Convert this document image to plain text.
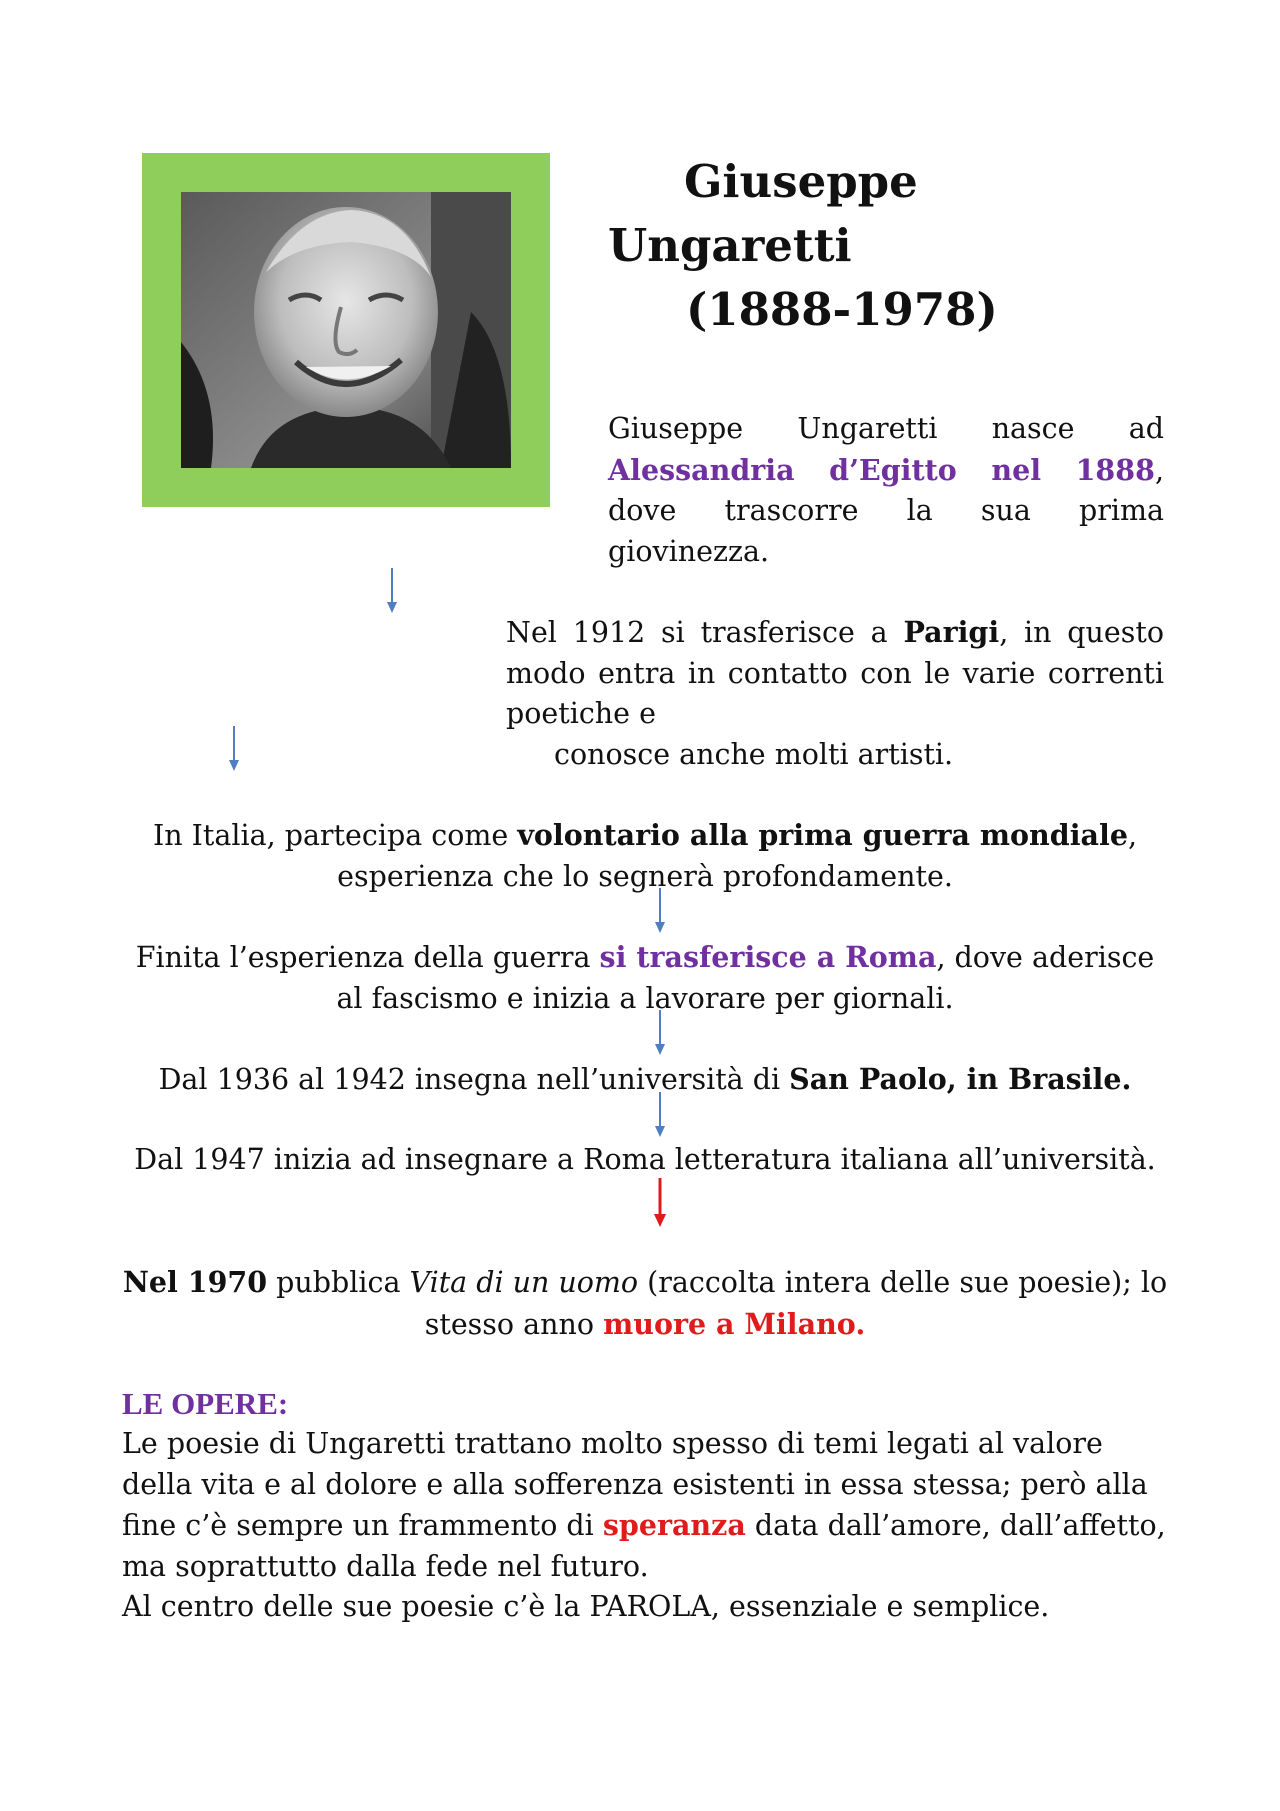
Giuseppe
Ungaretti
(1888-1978)

Giuseppe Ungaretti nasce ad Alessandria d’Egitto nel 1888, dove trascorre la sua prima giovinezza.

Nel 1912 si trasferisce a Parigi, in questo modo entra in contatto con le varie correnti poetiche e
conosce anche molti artisti.

In Italia, partecipa come volontario alla prima guerra mondiale, esperienza che lo segnerà profondamente.

Finita l’esperienza della guerra si trasferisce a Roma, dove aderisce al fascismo e inizia a lavorare per giornali.

Dal 1936 al 1942 insegna nell’università di San Paolo, in Brasile.

Dal 1947 inizia ad insegnare a Roma letteratura italiana all’università.

Nel 1970 pubblica Vita di un uomo (raccolta intera delle sue poesie); lo stesso anno muore a Milano.

LE OPERE:

Le poesie di Ungaretti trattano molto spesso di temi legati al valore della vita e al dolore e alla sofferenza esistenti in essa stessa; però alla fine c’è sempre un frammento di speranza data dall’amore, dall’affetto, ma soprattutto dalla fede nel futuro.
Al centro delle sue poesie c’è la PAROLA, essenziale e semplice.
